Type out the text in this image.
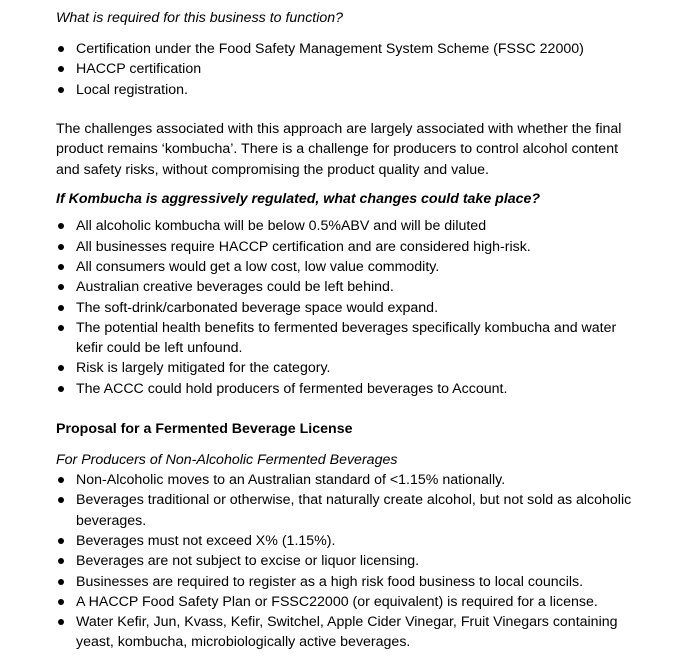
What is required for this business to function?
Certification under the Food Safety Management System Scheme (FSSC 22000)
HACCP certification
Local registration.
The challenges associated with this approach are largely associated with whether the final
product remains ‘kombucha’. There is a challenge for producers to control alcohol content
and safety risks, without compromising the product quality and value.
If Kombucha is aggressively regulated, what changes could take place?
All alcoholic kombucha will be below 0.5%ABV and will be diluted
All businesses require HACCP certification and are considered high-risk.
All consumers would get a low cost, low value commodity.
Australian creative beverages could be left behind.
The soft-drink/carbonated beverage space would expand.
The potential health benefits to fermented beverages specifically kombucha and water
kefir could be left unfound.
Risk is largely mitigated for the category.
The ACCC could hold producers of fermented beverages to Account.
Proposal for a Fermented Beverage License
For Producers of Non-Alcoholic Fermented Beverages
Non-Alcoholic moves to an Australian standard of <1.15% nationally.
Beverages traditional or otherwise, that naturally create alcohol, but not sold as alcoholic
beverages.
Beverages must not exceed X% (1.15%).
Beverages are not subject to excise or liquor licensing.
Businesses are required to register as a high risk food business to local councils.
A HACCP Food Safety Plan or FSSC22000 (or equivalent) is required for a license.
Water Kefir, Jun, Kvass, Kefir, Switchel, Apple Cider Vinegar, Fruit Vinegars containing
yeast, kombucha, microbiologically active beverages.
